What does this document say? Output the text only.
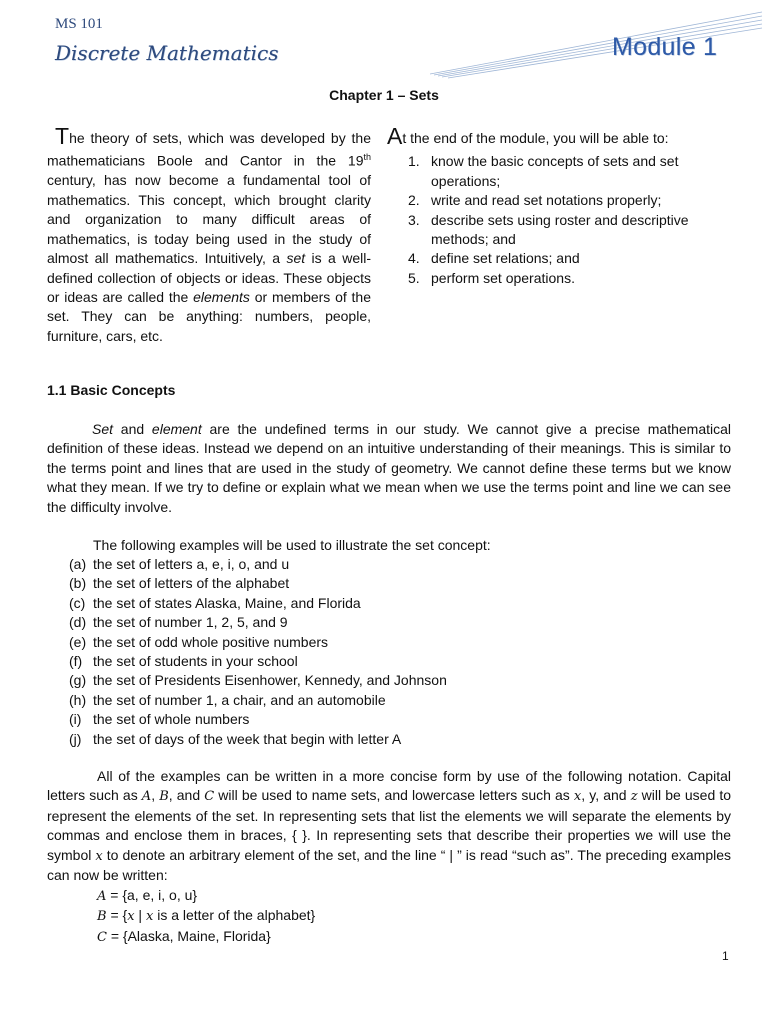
MS 101

Discrete Mathematics	Module 1
Chapter 1 – Sets

The theory of sets, which was developed by the mathematicians Boole and Cantor in the 19th century, has now become a fundamental tool of mathematics. This concept, which brought clarity and organization to many difficult areas of mathematics, is today being used in the study of almost all mathematics. Intuitively, a set is a well-defined collection of objects or ideas. These objects or ideas are called the elements or members of the set. They can be anything: numbers, people, furniture, cars, etc.

At the end of the module, you will be able to:

1. know the basic concepts of sets and set operations;
2. write and read set notations properly;
3. describe sets using roster and descriptive methods; and
4. define set relations; and
5. perform set operations.
1.1 Basic Concepts

Set and element are the undefined terms in our study. We cannot give a precise mathematical definition of these ideas. Instead we depend on an intuitive understanding of their meanings. This is similar to the terms point and lines that are used in the study of geometry. We cannot define these terms but we know what they mean. If we try to define or explain what we mean when we use the terms point and line we can see the difficulty involve.

The following examples will be used to illustrate the set concept:

(a) the set of letters a, e, i, o, and u
(b) the set of letters of the alphabet
(c) the set of states Alaska, Maine, and Florida
(d) the set of number 1, 2, 5, and 9
(e) the set of odd whole positive numbers
(f) the set of students in your school
(g) the set of Presidents Eisenhower, Kennedy, and Johnson
(h) the set of number 1, a chair, and an automobile
(i) the set of whole numbers
(j) the set of days of the week that begin with letter A

All of the examples can be written in a more concise form by use of the following notation. Capital letters such as A, B, and C will be used to name sets, and lowercase letters such as x, y, and z will be used to represent the elements of the set. In representing sets that list the elements we will separate the elements by commas and enclose them in braces, { }. In representing sets that describe their properties we will use the symbol x to denote an arbitrary element of the set, and the line “ | ” is read “such as”. The preceding examples can now be written:

A = {a, e, i, o, u}
B = {x | x is a letter of the alphabet}
C = {Alaska, Maine, Florida}

1
